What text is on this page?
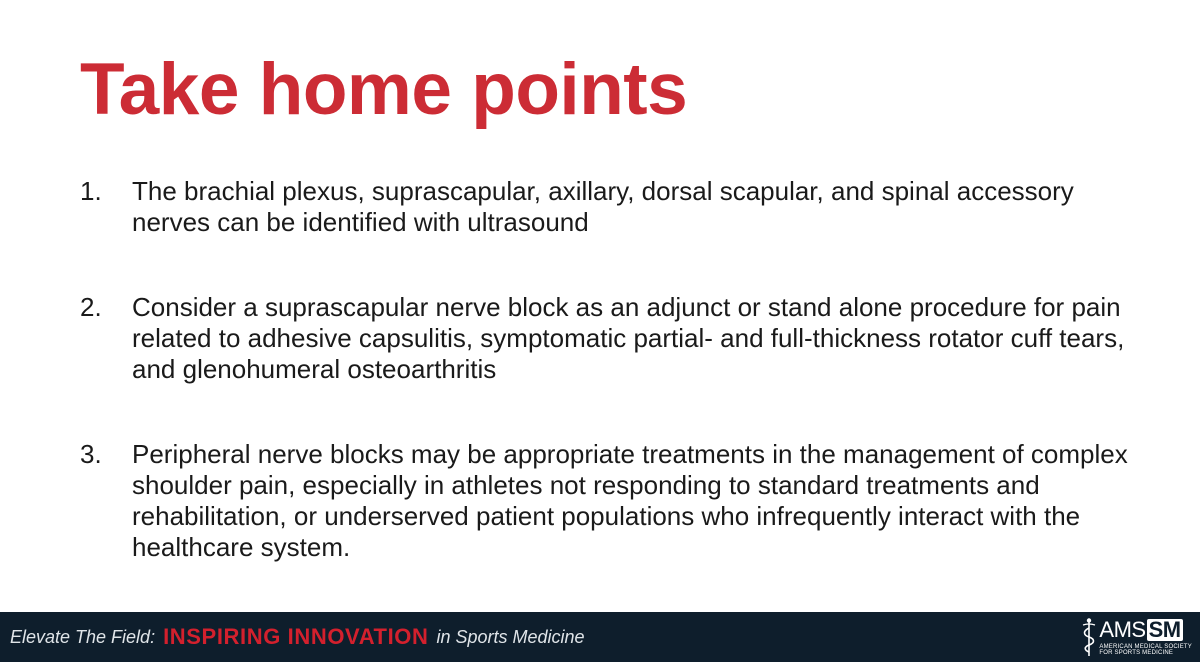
Take home points
1.	The brachial plexus, suprascapular, axillary, dorsal scapular, and spinal accessory nerves can be identified with ultrasound
2.	Consider a suprascapular nerve block as an adjunct or stand alone procedure for pain related to adhesive capsulitis, symptomatic partial- and full-thickness rotator cuff tears, and glenohumeral osteoarthritis
3.	Peripheral nerve blocks may be appropriate treatments in the management of complex shoulder pain, especially in athletes not responding to standard treatments and rehabilitation, or underserved patient populations who infrequently interact with the healthcare system.
Elevate The Field: INSPIRING INNOVATION in Sports Medicine	AMS SM
AMERICAN MEDICAL SOCIETY
FOR SPORTS MEDICINE
